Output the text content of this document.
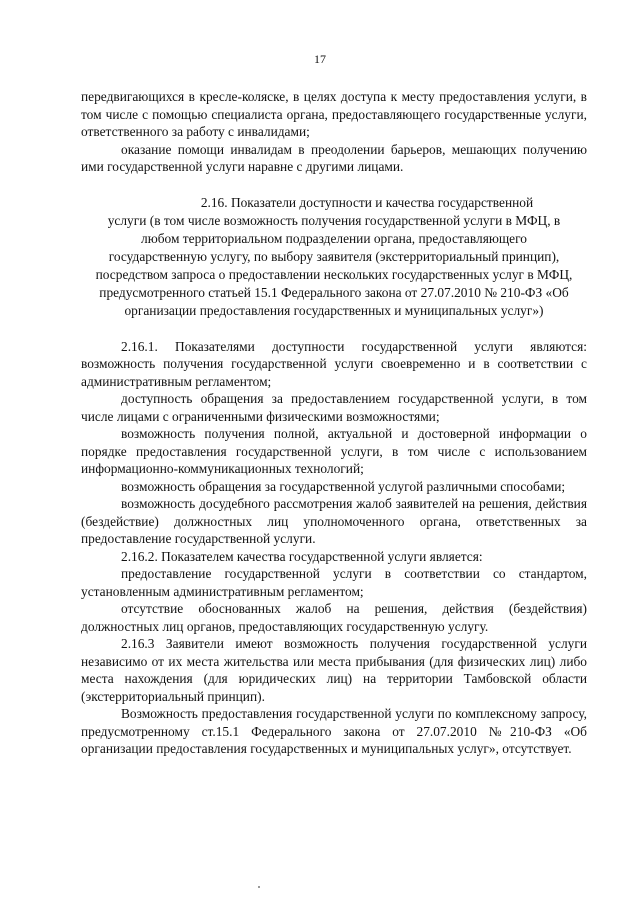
17

передвигающихся в кресле-коляске, в целях доступа к месту предоставления услуги, в том числе с помощью специалиста органа, предоставляющего государственные услуги, ответственного за работу с инвалидами;

оказание помощи инвалидам в преодолении барьеров, мешающих получению ими государственной услуги наравне с другими лицами.

2.16. Показатели доступности и качества государственной
услуги (в том числе возможность получения государственной услуги в МФЦ, в любом территориальном подразделении органа, предоставляющего государственную услугу, по выбору заявителя (экстерриториальный принцип), посредством запроса о предоставлении нескольких государственных услуг в МФЦ, предусмотренного статьей 15.1 Федерального закона от 27.07.2010 № 210-ФЗ «Об организации предоставления государственных и муниципальных услуг»)

2.16.1. Показателями доступности государственной услуги являются: возможность получения государственной услуги своевременно и в соответствии с административным регламентом;

доступность обращения за предоставлением государственной услуги, в том числе лицами с ограниченными физическими возможностями;

возможность получения полной, актуальной и достоверной информации о порядке предоставления государственной услуги, в том числе с использованием информационно-коммуникационных технологий;

возможность обращения за государственной услугой различными способами;

возможность досудебного рассмотрения жалоб заявителей на решения, действия (бездействие) должностных лиц уполномоченного органа, ответственных за предоставление государственной услуги.

2.16.2. Показателем качества государственной услуги является:

предоставление государственной услуги в соответствии со стандартом, установленным административным регламентом;

отсутствие обоснованных жалоб на решения, действия (бездействия) должностных лиц органов, предоставляющих государственную услугу.

2.16.3 Заявители имеют возможность получения государственной услуги независимо от их места жительства или места прибывания (для физических лиц) либо места нахождения (для юридических лиц) на территории Тамбовской области (экстерриториальный принцип).

Возможность предоставления государственной услуги по комплексному запросу, предусмотренному ст.15.1 Федерального закона от 27.07.2010 №210-ФЗ «Об организации предоставления государственных и муниципальных услуг», отсутствует.
